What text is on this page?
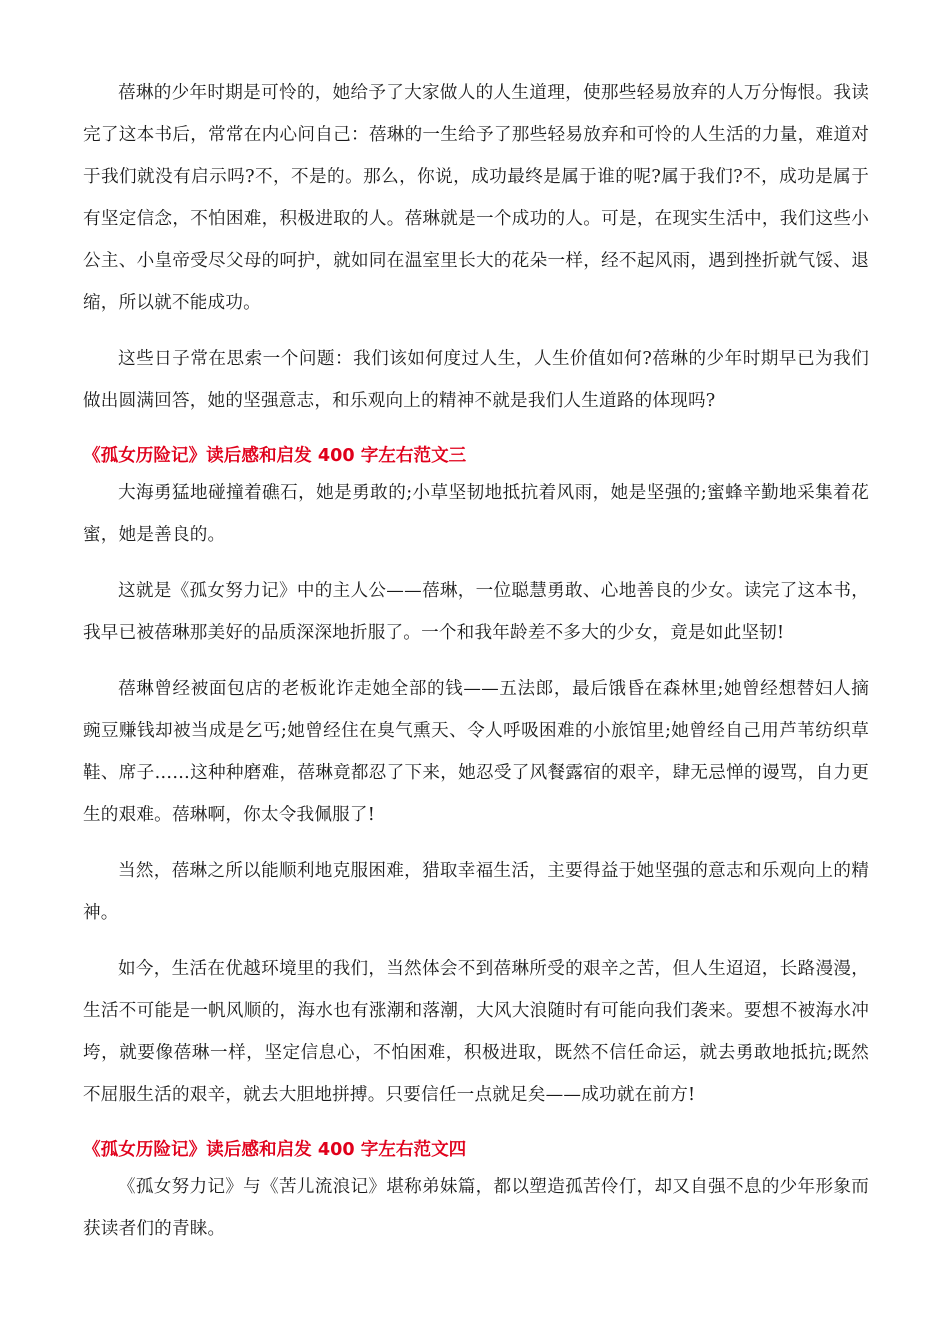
蓓琳的少年时期是可怜的，她给予了大家做人的人生道理，使那些轻易放弃的人万分悔恨。我读完了这本书后，常常在内心问自己：蓓琳的一生给予了那些轻易放弃和可怜的人生活的力量，难道对于我们就没有启示吗?不，不是的。那么，你说，成功最终是属于谁的呢?属于我们?不，成功是属于有坚定信念，不怕困难，积极进取的人。蓓琳就是一个成功的人。可是，在现实生活中，我们这些小公主、小皇帝受尽父母的呵护，就如同在温室里长大的花朵一样，经不起风雨，遇到挫折就气馁、退缩，所以就不能成功。

这些日子常在思索一个问题：我们该如何度过人生，人生价值如何?蓓琳的少年时期早已为我们做出圆满回答，她的坚强意志，和乐观向上的精神不就是我们人生道路的体现吗?

《孤女历险记》读后感和启发 400 字左右范文三

大海勇猛地碰撞着礁石，她是勇敢的;小草坚韧地抵抗着风雨，她是坚强的;蜜蜂辛勤地采集着花蜜，她是善良的。

这就是《孤女努力记》中的主人公——蓓琳，一位聪慧勇敢、心地善良的少女。读完了这本书，我早已被蓓琳那美好的品质深深地折服了。一个和我年龄差不多大的少女，竟是如此坚韧!

蓓琳曾经被面包店的老板讹诈走她全部的钱——五法郎，最后饿昏在森林里;她曾经想替妇人摘豌豆赚钱却被当成是乞丐;她曾经住在臭气熏天、令人呼吸困难的小旅馆里;她曾经自己用芦苇纺织草鞋、席子……这种种磨难，蓓琳竟都忍了下来，她忍受了风餐露宿的艰辛，肆无忌惮的谩骂，自力更生的艰难。蓓琳啊，你太令我佩服了!

当然，蓓琳之所以能顺利地克服困难，猎取幸福生活，主要得益于她坚强的意志和乐观向上的精神。

如今，生活在优越环境里的我们，当然体会不到蓓琳所受的艰辛之苦，但人生迢迢，长路漫漫，生活不可能是一帆风顺的，海水也有涨潮和落潮，大风大浪随时有可能向我们袭来。要想不被海水冲垮，就要像蓓琳一样，坚定信息心，不怕困难，积极进取，既然不信任命运，就去勇敢地抵抗;既然不屈服生活的艰辛，就去大胆地拼搏。只要信任一点就足矣——成功就在前方!

《孤女历险记》读后感和启发 400 字左右范文四

《孤女努力记》与《苦儿流浪记》堪称弟妹篇，都以塑造孤苦伶仃，却又自强不息的少年形象而获读者们的青睐。
